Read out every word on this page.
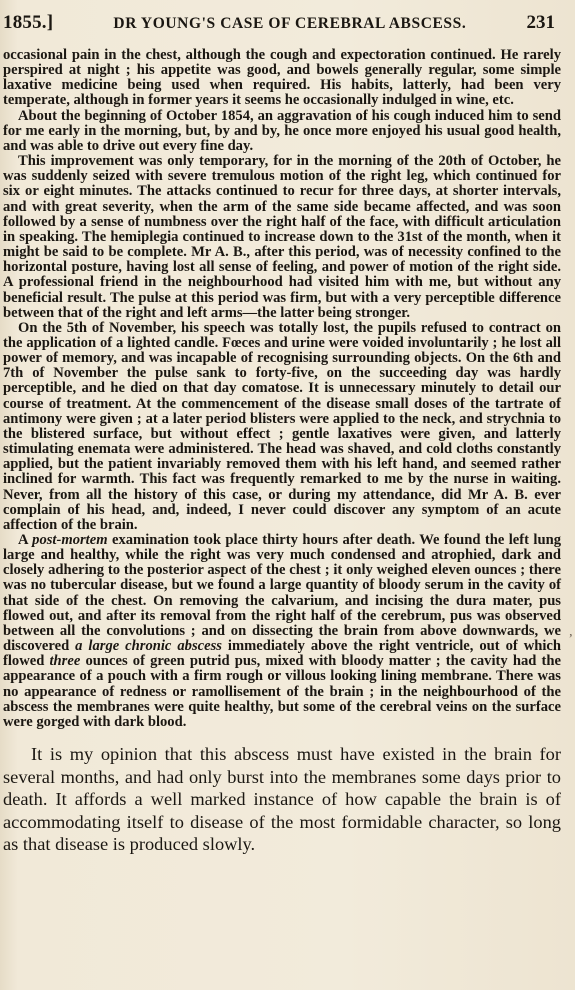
1855.]	DR YOUNG'S CASE OF CEREBRAL ABSCESS.	231

occasional pain in the chest, although the cough and expectoration continued. He rarely perspired at night ; his appetite was good, and bowels generally regular, some simple laxative medicine being used when required. His habits, latterly, had been very temperate, although in former years it seems he occasionally indulged in wine, etc.

About the beginning of October 1854, an aggravation of his cough induced him to send for me early in the morning, but, by and by, he once more enjoyed his usual good health, and was able to drive out every fine day.

This improvement was only temporary, for in the morning of the 20th of October, he was suddenly seized with severe tremulous motion of the right leg, which continued for six or eight minutes. The attacks continued to recur for three days, at shorter intervals, and with great severity, when the arm of the same side became affected, and was soon followed by a sense of numbness over the right half of the face, with difficult articulation in speaking. The hemiplegia continued to increase down to the 31st of the month, when it might be said to be complete. Mr A. B., after this period, was of necessity confined to the horizontal posture, having lost all sense of feeling, and power of motion of the right side. A professional friend in the neighbourhood had visited him with me, but without any beneficial result. The pulse at this period was firm, but with a very perceptible difference between that of the right and left arms—the latter being stronger.

On the 5th of November, his speech was totally lost, the pupils refused to contract on the application of a lighted candle. Fœces and urine were voided involuntarily ; he lost all power of memory, and was incapable of recognising surrounding objects. On the 6th and 7th of November the pulse sank to forty-five, on the succeeding day was hardly perceptible, and he died on that day comatose. It is unnecessary minutely to detail our course of treatment. At the commencement of the disease small doses of the tartrate of antimony were given ; at a later period blisters were applied to the neck, and strychnia to the blistered surface, but without effect ; gentle laxatives were given, and latterly stimulating enemata were administered. The head was shaved, and cold cloths constantly applied, but the patient invariably removed them with his left hand, and seemed rather inclined for warmth. This fact was frequently remarked to me by the nurse in waiting. Never, from all the history of this case, or during my attendance, did Mr A. B. ever complain of his head, and, indeed, I never could discover any symptom of an acute affection of the brain.

A post-mortem examination took place thirty hours after death. We found the left lung large and healthy, while the right was very much condensed and atrophied, dark and closely adhering to the posterior aspect of the chest ; it only weighed eleven ounces ; there was no tubercular disease, but we found a large quantity of bloody serum in the cavity of that side of the chest. On removing the calvarium, and incising the dura mater, pus flowed out, and after its removal from the right half of the cerebrum, pus was observed between all the convolutions ; and on dissecting the brain from above downwards, we discovered a large chronic abscess immediately above the right ventricle, out of which flowed three ounces of green putrid pus, mixed with bloody matter ; the cavity had the appearance of a pouch with a firm rough or villous looking lining membrane. There was no appearance of redness or ramollisement of the brain ; in the neighbourhood of the abscess the membranes were quite healthy, but some of the cerebral veins on the surface were gorged with dark blood.

It is my opinion that this abscess must have existed in the brain for several months, and had only burst into the membranes some days prior to death. It affords a well marked instance of how capable the brain is of accommodating itself to disease of the most formidable character, so long as that disease is produced slowly.

’
